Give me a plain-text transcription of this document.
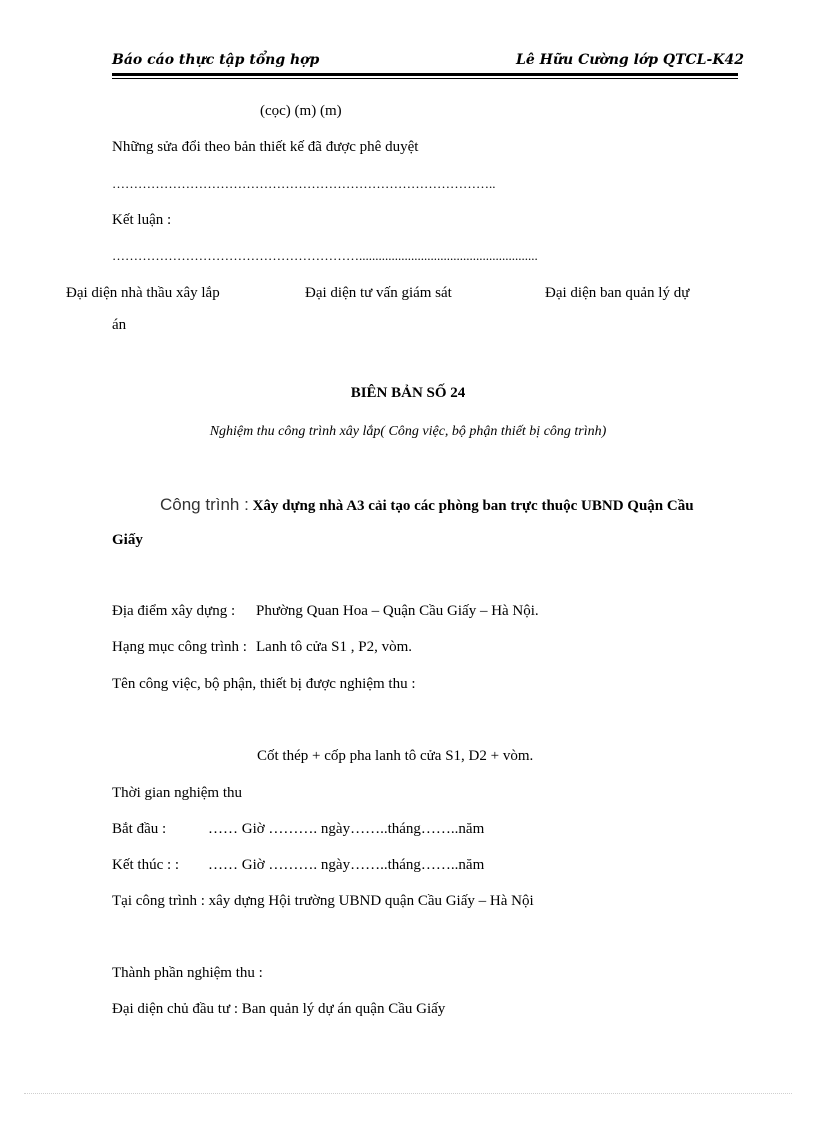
Báo cáo thực tập tổng hợp	Lê Hữu Cường lớp QTCL-K42
(cọc) (m) (m)
Những sửa đổi theo bản thiết kế đã được phê duyệt
……………………………………………………………………………..
Kết luận :
………………………………………………….......................................................
Đại diện nhà thầu xây lắp	Đại diện tư vấn giám sát	Đại diện ban quản lý dự
án
BIÊN BẢN SỐ 24
Nghiệm thu công trình xây lắp( Công việc, bộ phận thiết bị công trình)
Công trình : Xây dựng nhà A3 cải tạo các phòng ban trực thuộc UBND Quận Cầu
Giấy
Địa điểm xây dựng : Phường Quan Hoa – Quận Cầu Giấy – Hà Nội.
Hạng mục công trình : Lanh tô cửa S1 , P2, vòm.
Tên công việc, bộ phận, thiết bị được nghiệm thu :
Cốt thép + cốp pha lanh tô cửa S1, D2 + vòm.
Thời gian nghiệm thu
Bắt đầu :	…… Giờ ………. ngày……..tháng……..năm
Kết thúc : : …… Giờ ………. ngày……..tháng……..năm
Tại công trình : xây dựng Hội trường UBND quận Cầu Giấy – Hà Nội
Thành phần nghiệm thu :
Đại diện chủ đầu tư : Ban quản lý dự án quận Cầu Giấy
